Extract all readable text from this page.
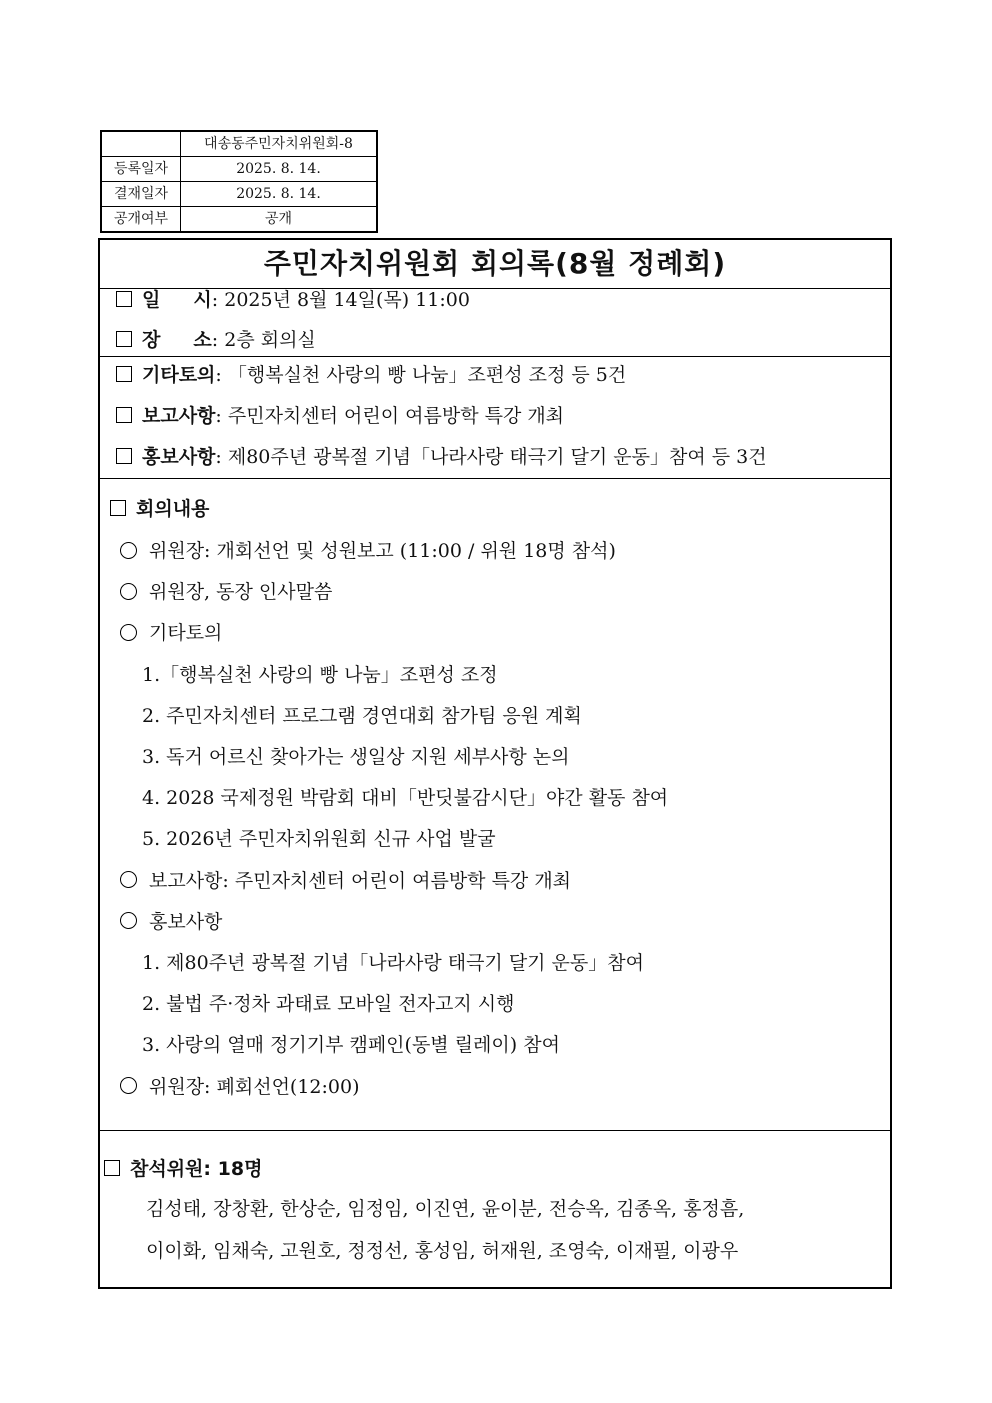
	대송동주민자치위원회-8
등록일자	2025. 8. 14.
결재일자	2025. 8. 14.
공개여부	공개
주민자치위원회 회의록(8월 정례회)
일     시: 2025년 8월 14일(목) 11:00
장     소: 2층 회의실
기타토의: 「행복실천 사랑의 빵 나눔」조편성 조정 등 5건
보고사항: 주민자치센터 어린이 여름방학 특강 개최
홍보사항: 제80주년 광복절 기념「나라사랑 태극기 달기 운동」참여 등 3건
회의내용
위원장: 개회선언 및 성원보고 (11:00 / 위원 18명 참석)
위원장, 동장 인사말씀
기타토의
1.「행복실천 사랑의 빵 나눔」조편성 조정
2. 주민자치센터 프로그램 경연대회 참가팀 응원 계획
3. 독거 어르신 찾아가는 생일상 지원 세부사항 논의
4. 2028 국제정원 박람회 대비「반딧불감시단」야간 활동 참여
5. 2026년 주민자치위원회 신규 사업 발굴
보고사항: 주민자치센터 어린이 여름방학 특강 개최
홍보사항
1. 제80주년 광복절 기념「나라사랑 태극기 달기 운동」참여
2. 불법 주·정차 과태료 모바일 전자고지 시행
3. 사랑의 열매 정기기부 캠페인(동별 릴레이) 참여
위원장: 폐회선언(12:00)
참석위원: 18명
김성태, 장창환, 한상순, 임정임, 이진연, 윤이분, 전승옥, 김종옥, 홍정흠,
이이화, 임채숙, 고원호, 정정선, 홍성임, 허재원, 조영숙, 이재필, 이광우
